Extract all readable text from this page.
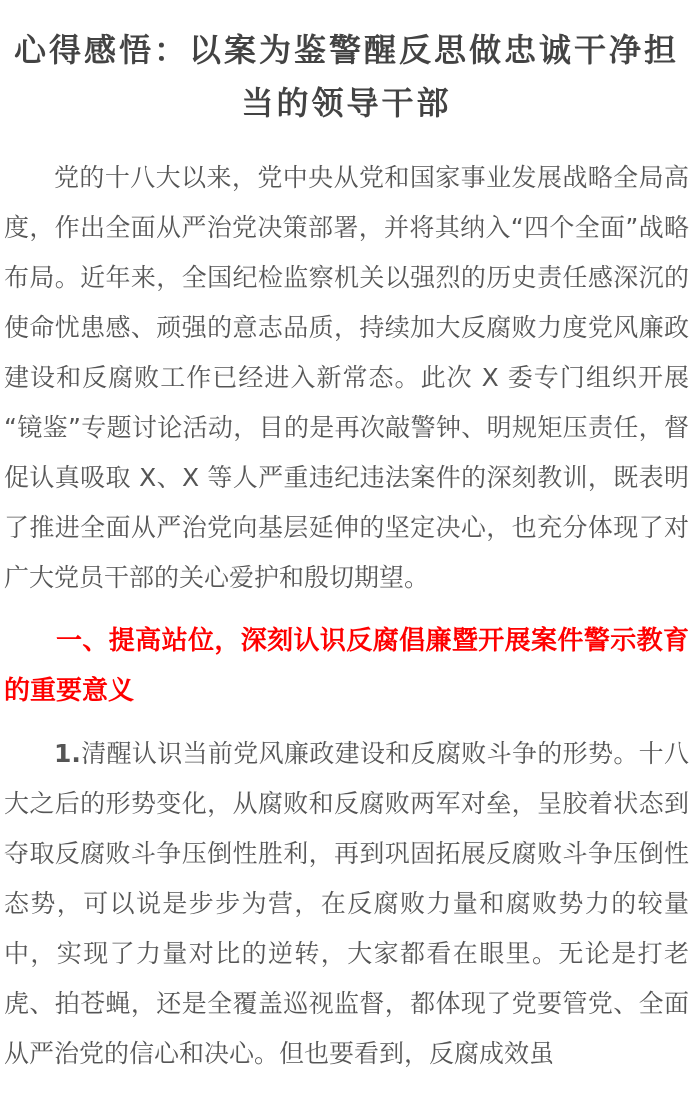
心得感悟：以案为鉴警醒反思做忠诚干净担当的领导干部

党的十八大以来，党中央从党和国家事业发展战略全局高度，作出全面从严治党决策部署，并将其纳入“四个全面”战略布局。近年来，全国纪检监察机关以强烈的历史责任感深沉的使命忧患感、顽强的意志品质，持续加大反腐败力度党风廉政建设和反腐败工作已经进入新常态。此次 X 委专门组织开展“镜鉴”专题讨论活动，目的是再次敲警钟、明规矩压责任，督促认真吸取 X、X 等人严重违纪违法案件的深刻教训，既表明了推进全面从严治党向基层延伸的坚定决心，也充分体现了对广大党员干部的关心爱护和殷切期望。

一、提高站位，深刻认识反腐倡廉暨开展案件警示教育的重要意义

1.清醒认识当前党风廉政建设和反腐败斗争的形势。十八大之后的形势变化，从腐败和反腐败两军对垒，呈胶着状态到夺取反腐败斗争压倒性胜利，再到巩固拓展反腐败斗争压倒性态势，可以说是步步为营，在反腐败力量和腐败势力的较量中，实现了力量对比的逆转，大家都看在眼里。无论是打老虎、拍苍蝇，还是全覆盖巡视监督，都体现了党要管党、全面从严治党的信心和决心。但也要看到，反腐成效虽
